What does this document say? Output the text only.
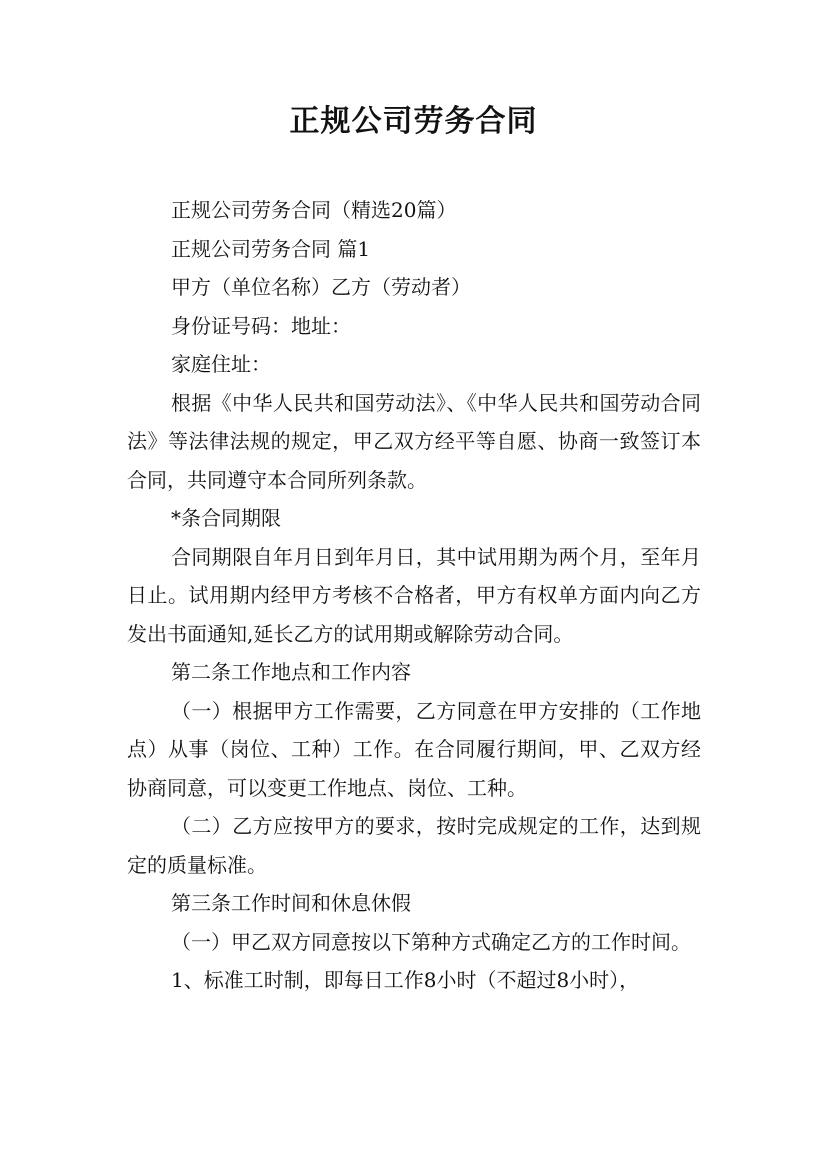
正规公司劳务合同

正规公司劳务合同（精选20篇）

正规公司劳务合同 篇1

甲方（单位名称）乙方（劳动者）

身份证号码：地址：

家庭住址：

根据《中华人民共和国劳动法》、《中华人民共和国劳动合同法》等法律法规的规定，甲乙双方经平等自愿、协商一致签订本合同，共同遵守本合同所列条款。

*条合同期限

合同期限自年月日到年月日，其中试用期为两个月，至年月日止。试用期内经甲方考核不合格者，甲方有权单方面内向乙方发出书面通知,延长乙方的试用期或解除劳动合同。

第二条工作地点和工作内容

（一）根据甲方工作需要，乙方同意在甲方安排的（工作地点）从事（岗位、工种）工作。在合同履行期间，甲、乙双方经协商同意，可以变更工作地点、岗位、工种。

（二）乙方应按甲方的要求，按时完成规定的工作，达到规定的质量标准。

第三条工作时间和休息休假

（一）甲乙双方同意按以下第种方式确定乙方的工作时间。

1、标准工时制，即每日工作8小时（不超过8小时），
